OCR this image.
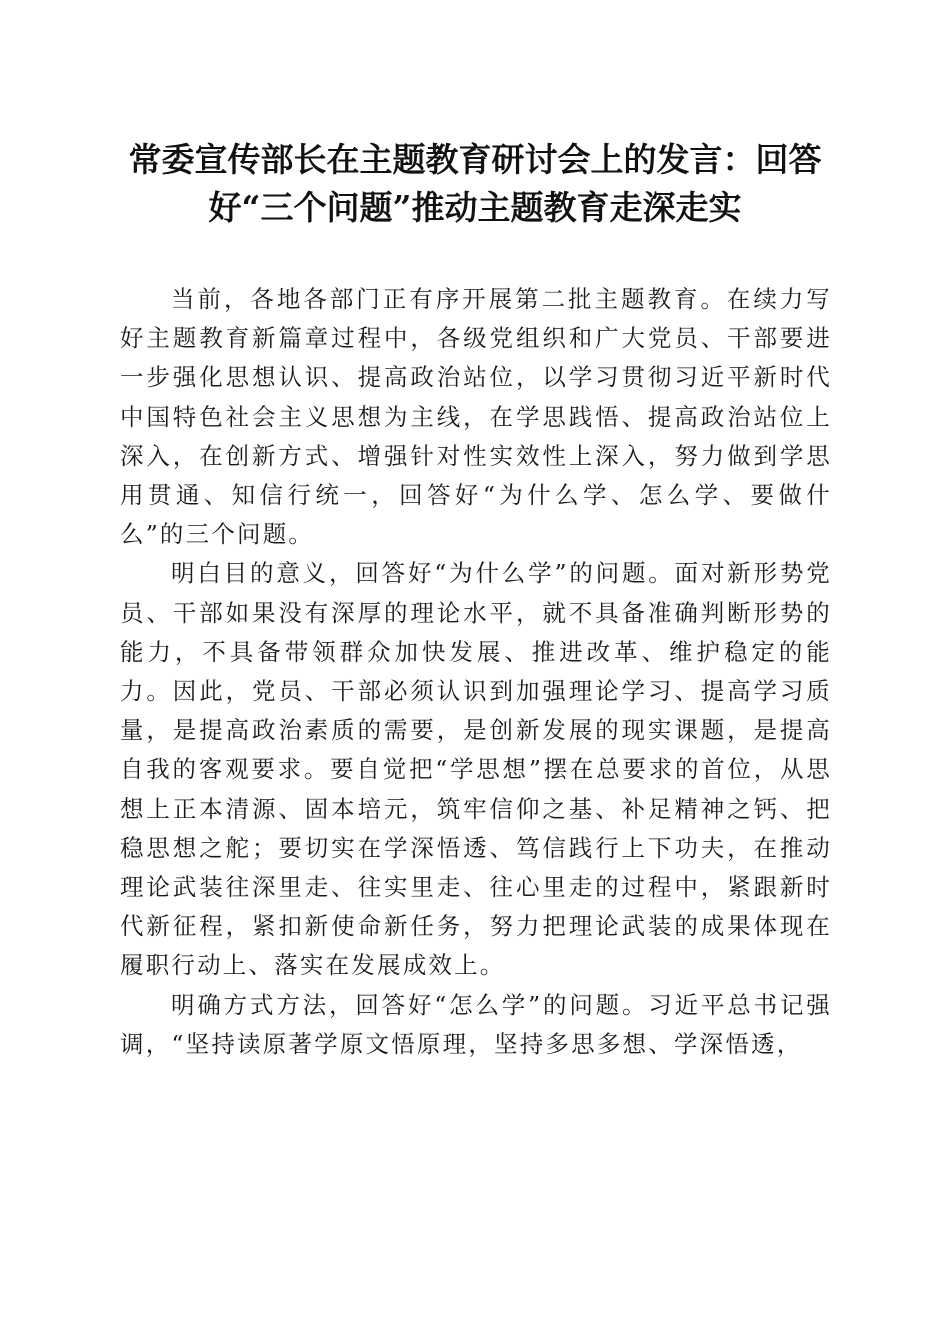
常委宣传部长在主题教育研讨会上的发言：回答好“三个问题”推动主题教育走深走实

当前，各地各部门正有序开展第二批主题教育。在续力写好主题教育新篇章过程中，各级党组织和广大党员、干部要进一步强化思想认识、提高政治站位，以学习贯彻习近平新时代中国特色社会主义思想为主线，在学思践悟、提高政治站位上深入，在创新方式、增强针对性实效性上深入，努力做到学思用贯通、知信行统一，回答好“为什么学、怎么学、要做什么”的三个问题。

明白目的意义，回答好“为什么学”的问题。面对新形势党员、干部如果没有深厚的理论水平，就不具备准确判断形势的能力，不具备带领群众加快发展、推进改革、维护稳定的能力。因此，党员、干部必须认识到加强理论学习、提高学习质量，是提高政治素质的需要，是创新发展的现实课题，是提高自我的客观要求。要自觉把“学思想”摆在总要求的首位，从思想上正本清源、固本培元，筑牢信仰之基、补足精神之钙、把稳思想之舵；要切实在学深悟透、笃信践行上下功夫，在推动理论武装往深里走、往实里走、往心里走的过程中，紧跟新时代新征程，紧扣新使命新任务，努力把理论武装的成果体现在履职行动上、落实在发展成效上。

明确方式方法，回答好“怎么学”的问题。习近平总书记强调，“坚持读原著学原文悟原理，坚持多思多想、学深悟透，
